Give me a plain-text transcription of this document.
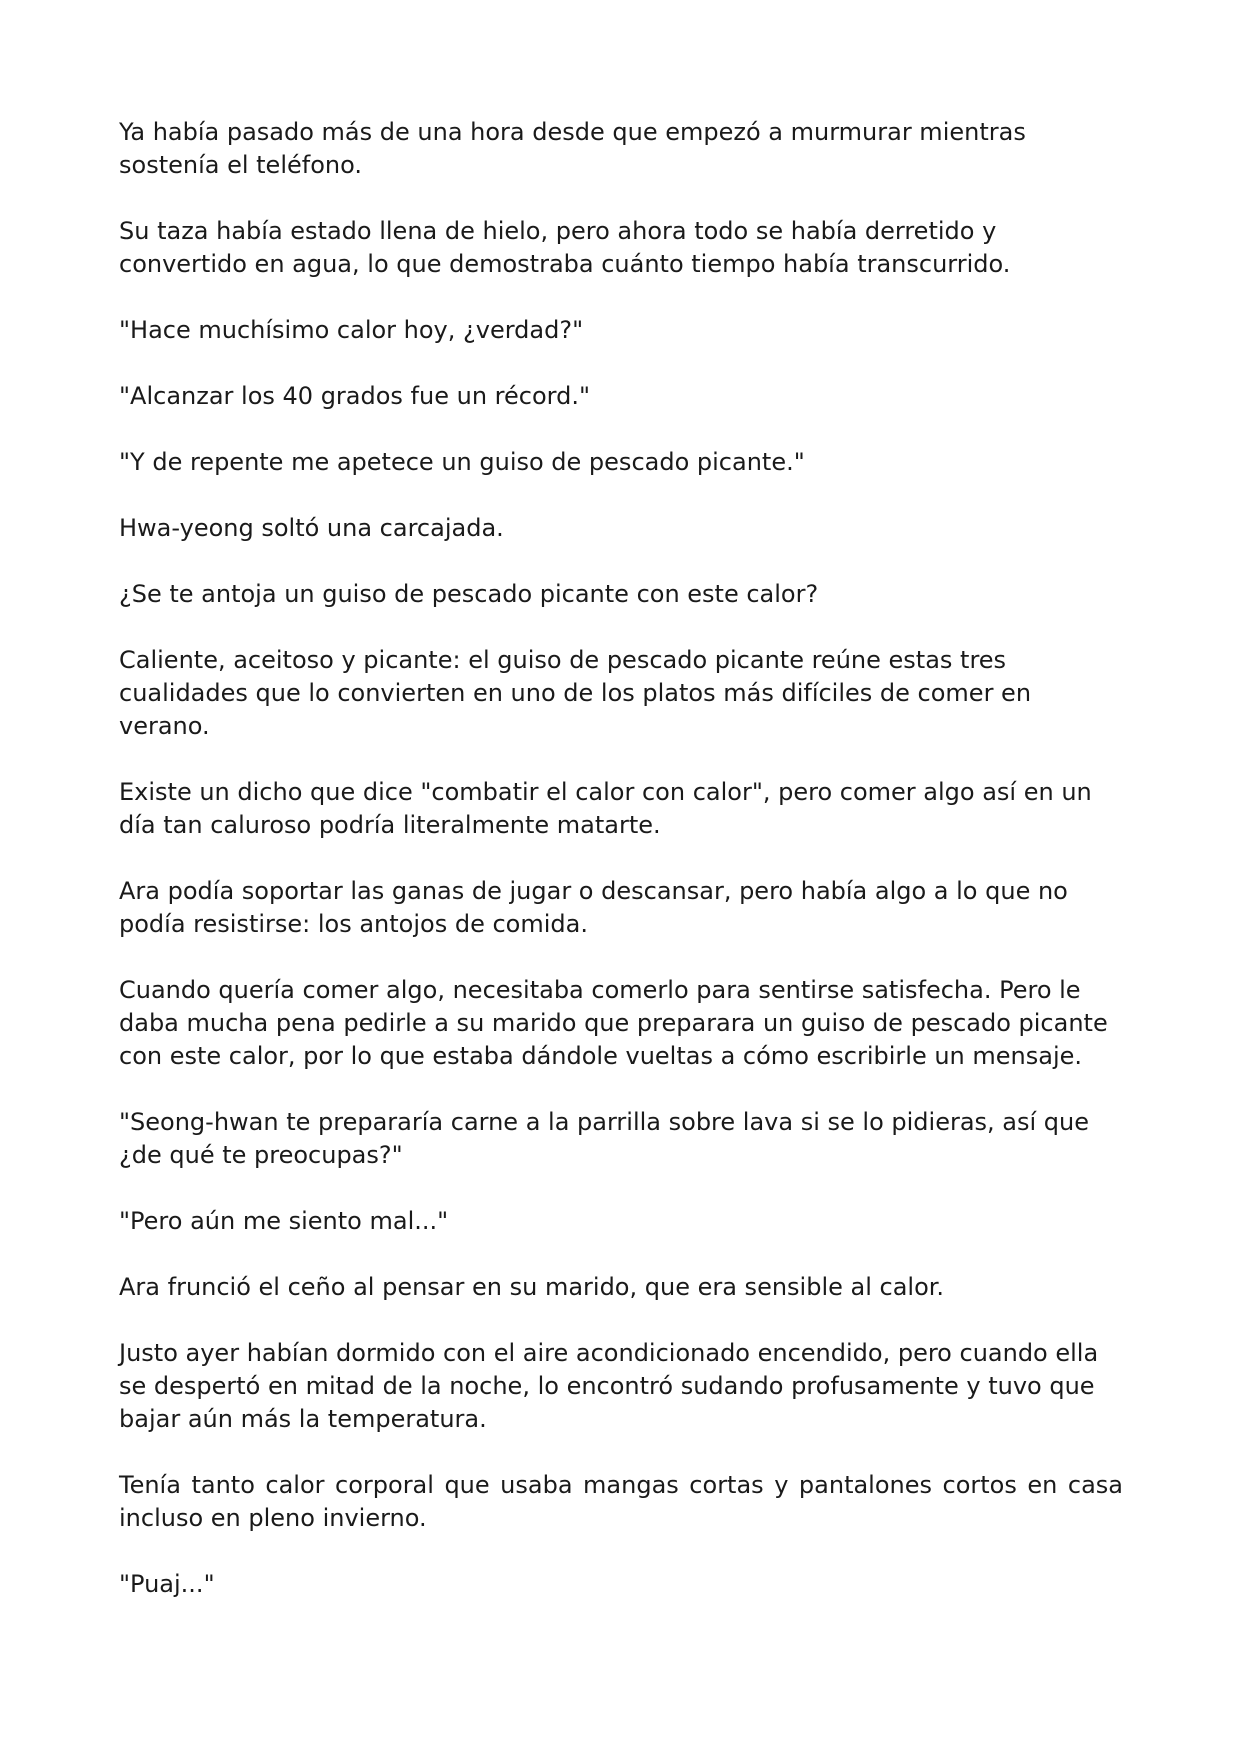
Ya había pasado más de una hora desde que empezó a murmurar mientras sostenía el teléfono.

Su taza había estado llena de hielo, pero ahora todo se había derretido y convertido en agua, lo que demostraba cuánto tiempo había transcurrido.

"Hace muchísimo calor hoy, ¿verdad?"

"Alcanzar los 40 grados fue un récord."

"Y de repente me apetece un guiso de pescado picante."

Hwa-yeong soltó una carcajada.

¿Se te antoja un guiso de pescado picante con este calor?

Caliente, aceitoso y picante: el guiso de pescado picante reúne estas tres cualidades que lo convierten en uno de los platos más difíciles de comer en verano.

Existe un dicho que dice "combatir el calor con calor", pero comer algo así en un día tan caluroso podría literalmente matarte.

Ara podía soportar las ganas de jugar o descansar, pero había algo a lo que no podía resistirse: los antojos de comida.

Cuando quería comer algo, necesitaba comerlo para sentirse satisfecha. Pero le daba mucha pena pedirle a su marido que preparara un guiso de pescado picante con este calor, por lo que estaba dándole vueltas a cómo escribirle un mensaje.

"Seong-hwan te prepararía carne a la parrilla sobre lava si se lo pidieras, así que ¿de qué te preocupas?"

"Pero aún me siento mal..."

Ara frunció el ceño al pensar en su marido, que era sensible al calor.

Justo ayer habían dormido con el aire acondicionado encendido, pero cuando ella se despertó en mitad de la noche, lo encontró sudando profusamente y tuvo que bajar aún más la temperatura.

Tenía tanto calor corporal que usaba mangas cortas y pantalones cortos en casa incluso en pleno invierno.

"Puaj..."
